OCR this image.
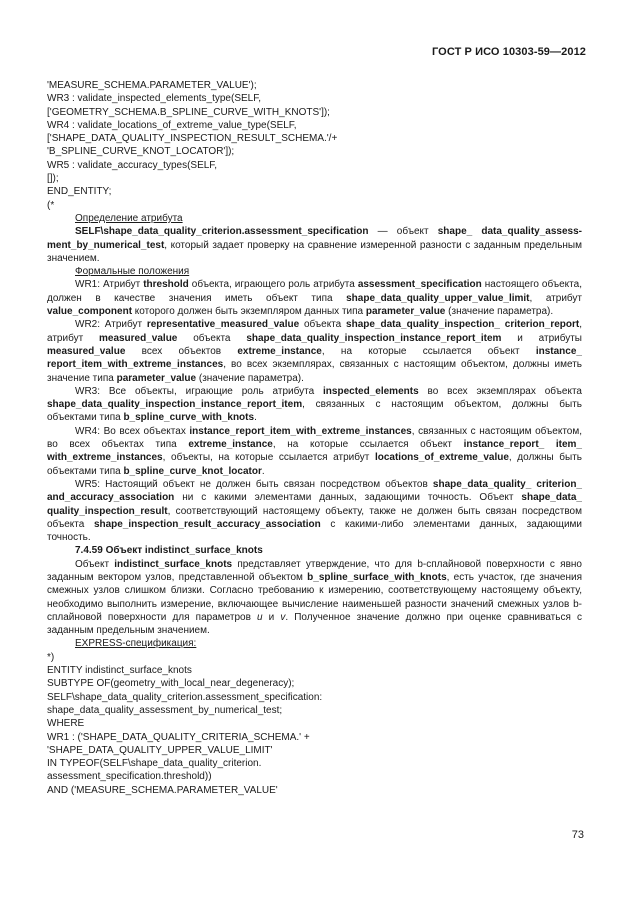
ГОСТ Р ИСО 10303-59—2012
'MEASURE_SCHEMA.PARAMETER_VALUE');
WR3 : validate_inspected_elements_type(SELF,
['GEOMETRY_SCHEMA.B_SPLINE_CURVE_WITH_KNOTS']);
WR4 : validate_locations_of_extreme_value_type(SELF,
['SHAPE_DATA_QUALITY_INSPECTION_RESULT_SCHEMA.'/+
'B_SPLINE_CURVE_KNOT_LOCATOR']);
WR5 : validate_accuracy_types(SELF,
[]);
END_ENTITY;
(*
Определение атрибута
SELF\shape_data_quality_criterion.assessment_specification — объект shape_ data_quality_assessment_by_numerical_test, который задает проверку на сравнение измеренной разности с заданным предельным значением.
Формальные положения
WR1: Атрибут threshold объекта, играющего роль атрибута assessment_specification настоящего объекта, должен в качестве значения иметь объект типа shape_data_quality_upper_value_limit, атрибут value_component которого должен быть экземпляром данных типа parameter_value (значение параметра).
WR2: Атрибут representative_measured_value объекта shape_data_quality_inspection_ criterion_report, атрибут measured_value объекта shape_data_quality_inspection_instance_report_item и атрибуты measured_value всех объектов extreme_instance, на которые ссылается объект instance_ report_item_with_extreme_instances, во всех экземплярах, связанных с настоящим объектом, должны иметь значение типа parameter_value (значение параметра).
WR3: Все объекты, играющие роль атрибута inspected_elements во всех экземплярах объекта shape_data_quality_inspection_instance_report_item, связанных с настоящим объектом, должны быть объектами типа b_spline_curve_with_knots.
WR4: Во всех объектах instance_report_item_with_extreme_instances, связанных с настоящим объектом, во всех объектах типа extreme_instance, на которые ссылается объект instance_report_ item_ with_extreme_instances, объекты, на которые ссылается атрибут locations_of_extreme_value, должны быть объектами типа b_spline_curve_knot_locator.
WR5: Настоящий объект не должен быть связан посредством объектов shape_data_quality_ criterion_ and_accuracy_association ни с какими элементами данных, задающими точность. Объект shape_data_ quality_inspection_result, соответствующий настоящему объекту, также не должен быть связан посредством объекта shape_inspection_result_accuracy_association с какими-либо элементами данных, задающими точность.
7.4.59 Объект indistinct_surface_knots
Объект indistinct_surface_knots представляет утверждение, что для b-сплайновой поверхности с явно заданным вектором узлов, представленной объектом b_spline_surface_with_knots, есть участок, где значения смежных узлов слишком близки. Согласно требованию к измерению, соответствующему настоящему объекту, необходимо выполнить измерение, включающее вычисление наименьшей разности значений смежных узлов b-сплайновой поверхности для параметров u и v. Полученное значение должно при оценке сравниваться с заданным предельным значением.
EXPRESS-спецификация:
*)
ENTITY indistinct_surface_knots
SUBTYPE OF(geometry_with_local_near_degeneracy);
SELF\shape_data_quality_criterion.assessment_specification:
shape_data_quality_assessment_by_numerical_test;
WHERE
WR1 : ('SHAPE_DATA_QUALITY_CRITERIA_SCHEMA.' +
'SHAPE_DATA_QUALITY_UPPER_VALUE_LIMIT'
IN TYPEOF(SELF\shape_data_quality_criterion.
assessment_specification.threshold))
AND ('MEASURE_SCHEMA.PARAMETER_VALUE'
73
